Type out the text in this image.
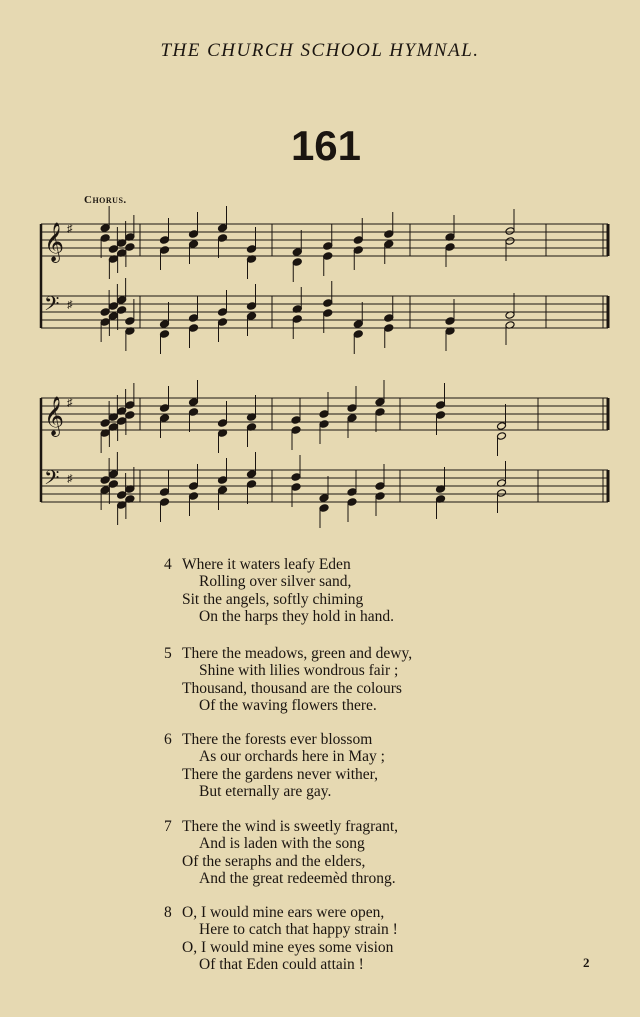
THE CHURCH SCHOOL HYMNAL.
161
Chorus.
𝄞 ♯
𝄢 ♯
𝄞 ♯
𝄢 ♯
4 Where it waters leafy Eden
Rolling over silver sand,
Sit the angels, softly chiming
On the harps they hold in hand.
5 There the meadows, green and dewy,
Shine with lilies wondrous fair ;
Thousand, thousand are the colours
Of the waving flowers there.
6 There the forests ever blossom
As our orchards here in May ;
There the gardens never wither,
But eternally are gay.
7 There the wind is sweetly fragrant,
And is laden with the song
Of the seraphs and the elders,
And the great redeemèd throng.
8 O, I would mine ears were open,
Here to catch that happy strain !
O, I would mine eyes some vision
Of that Eden could attain !	2
